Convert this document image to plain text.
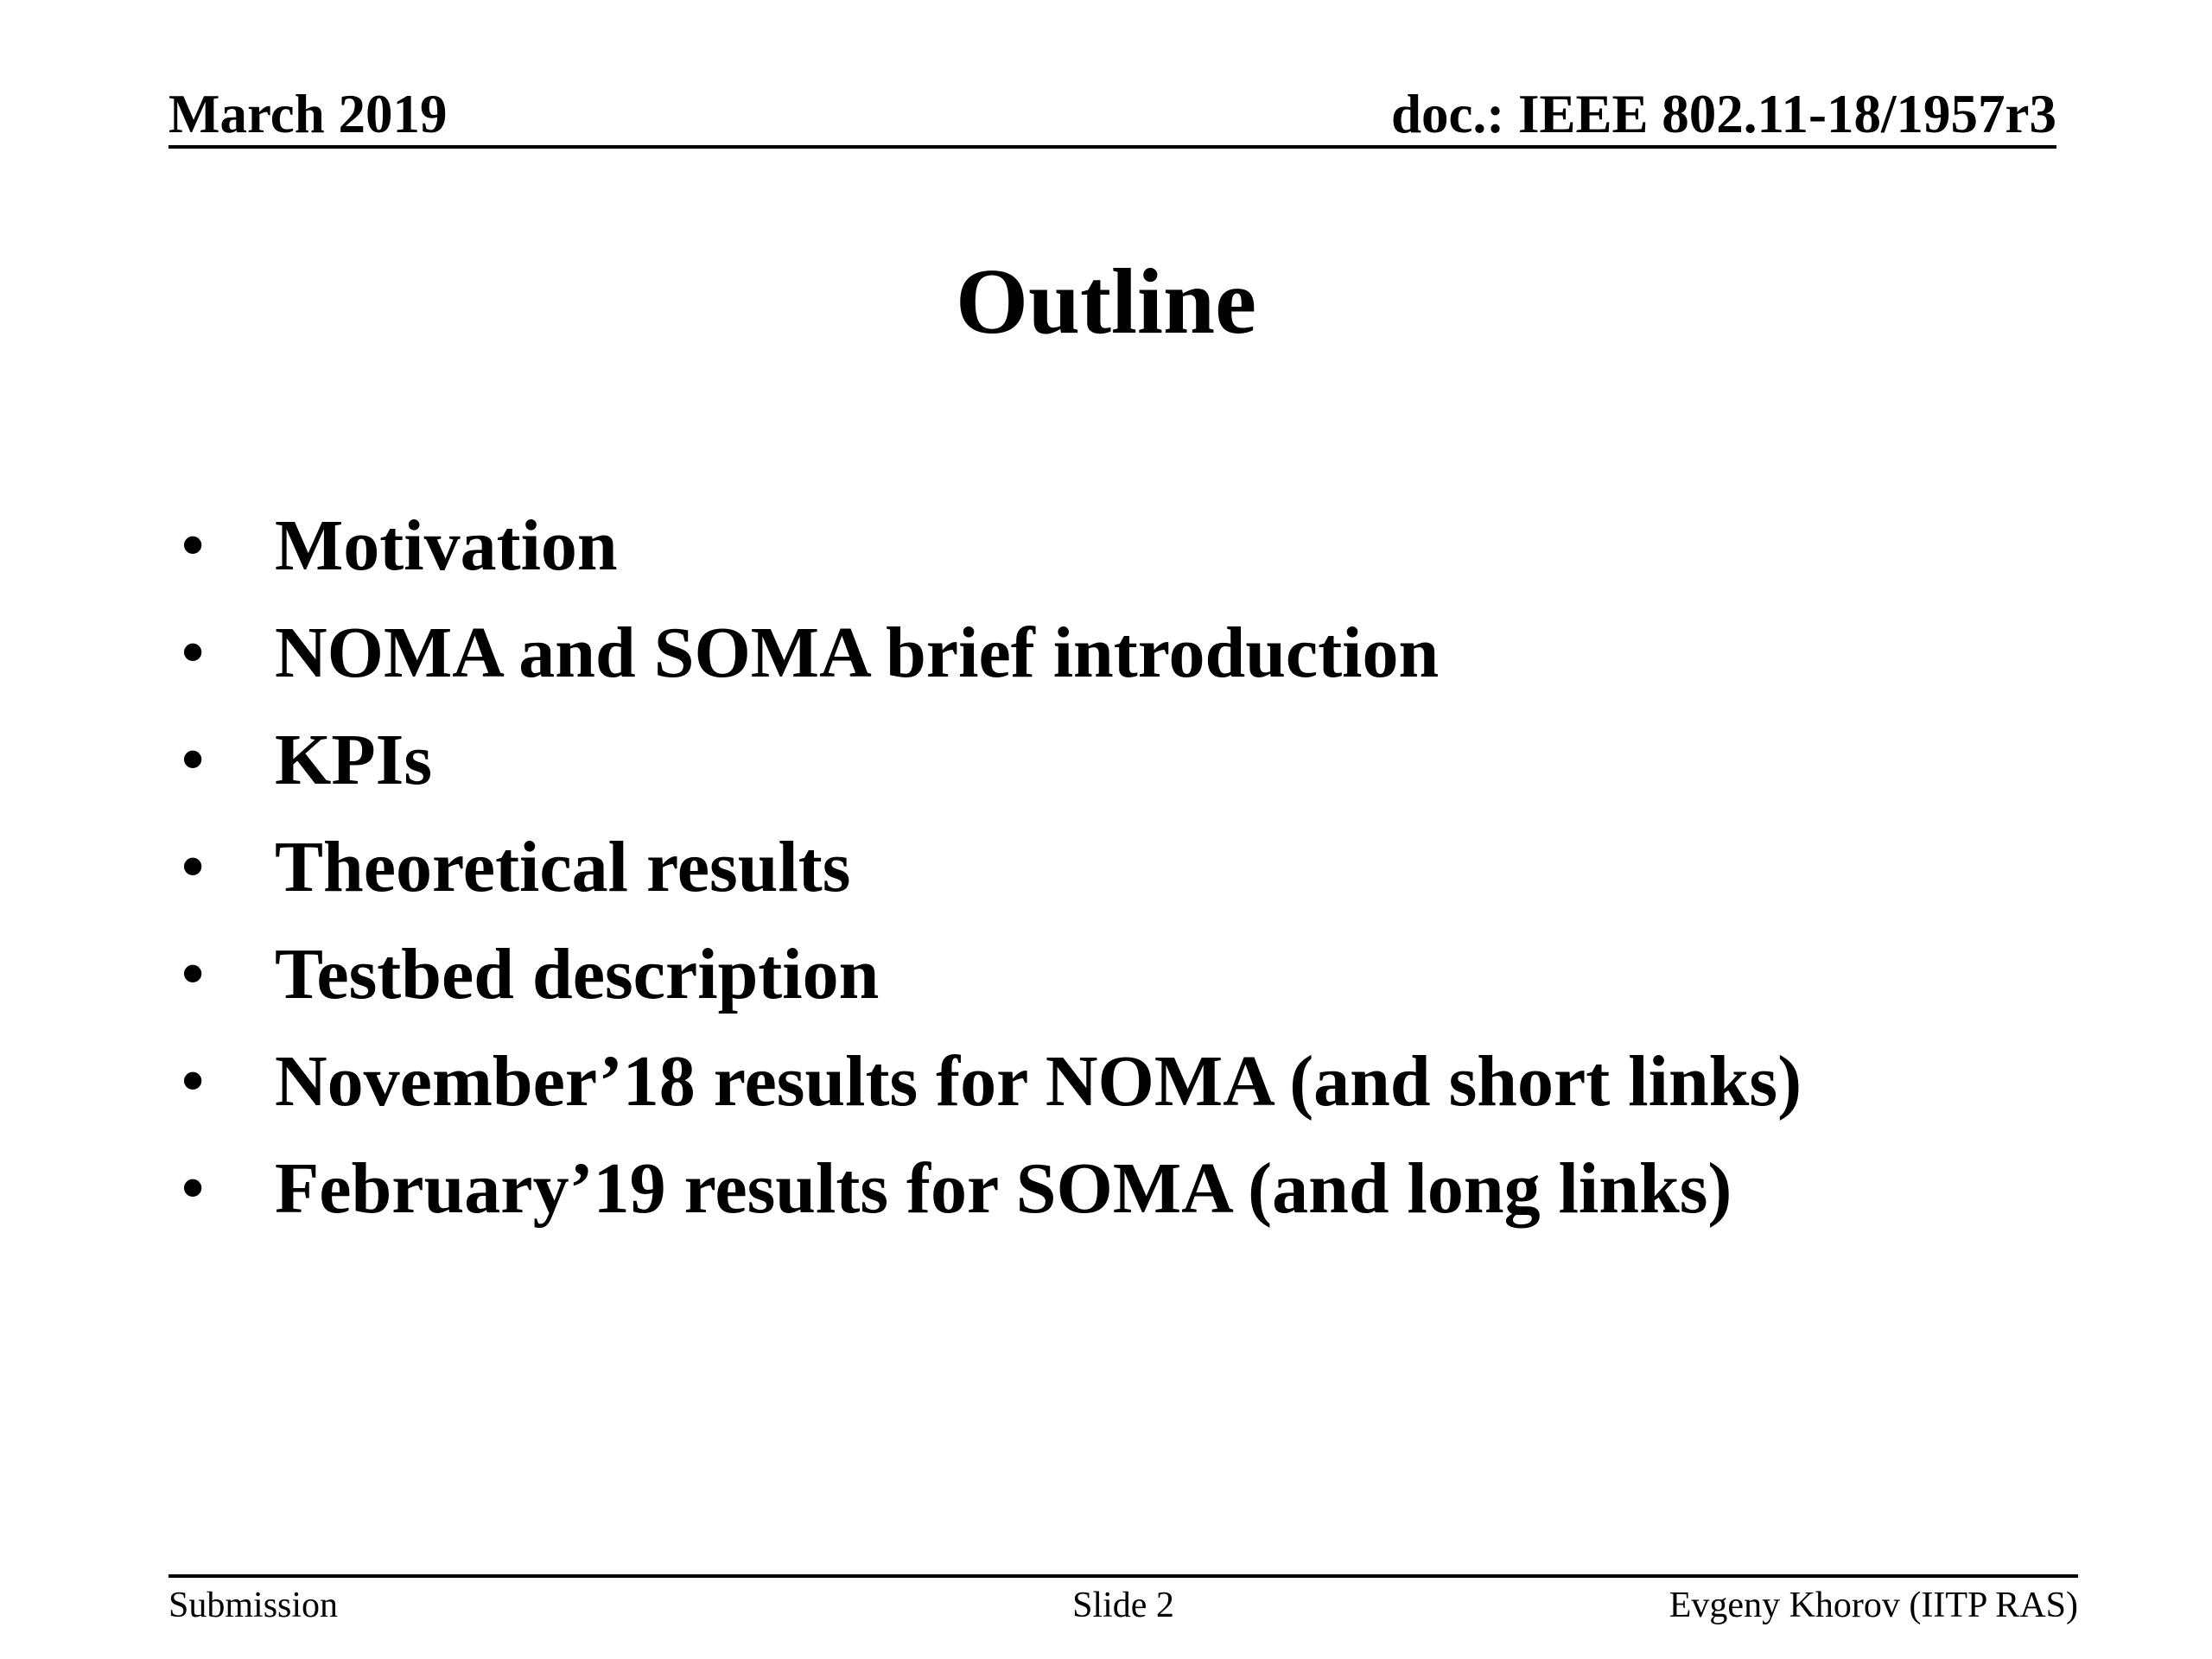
March 2019	doc.: IEEE 802.11-18/1957r3
Outline
• Motivation
• NOMA and SOMA brief introduction
• KPIs
• Theoretical results
• Testbed description
• November’18 results for NOMA (and short links)
• February’19 results for SOMA (and long links)
Submission	Slide 2	Evgeny Khorov (IITP RAS)
